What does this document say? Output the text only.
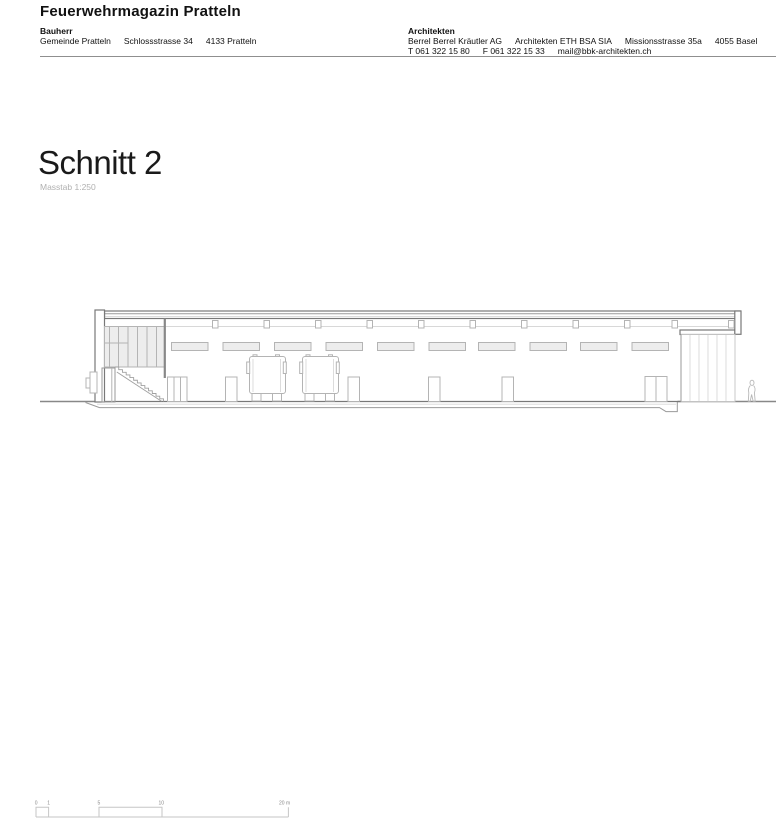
Feuerwehrmagazin Pratteln
Bauherr
Gemeinde Pratteln Schlossstrasse 34 4133 Pratteln
Architekten
Berrel Berrel Kräutler AG Architekten ETH BSA SIA Missionsstrasse 35a 4055 Basel
T 061 322 15 80 F 061 322 15 33 mail@bbk-architekten.ch
Schnitt 2
Masstab 1:250
0 1	5	10	20 m
